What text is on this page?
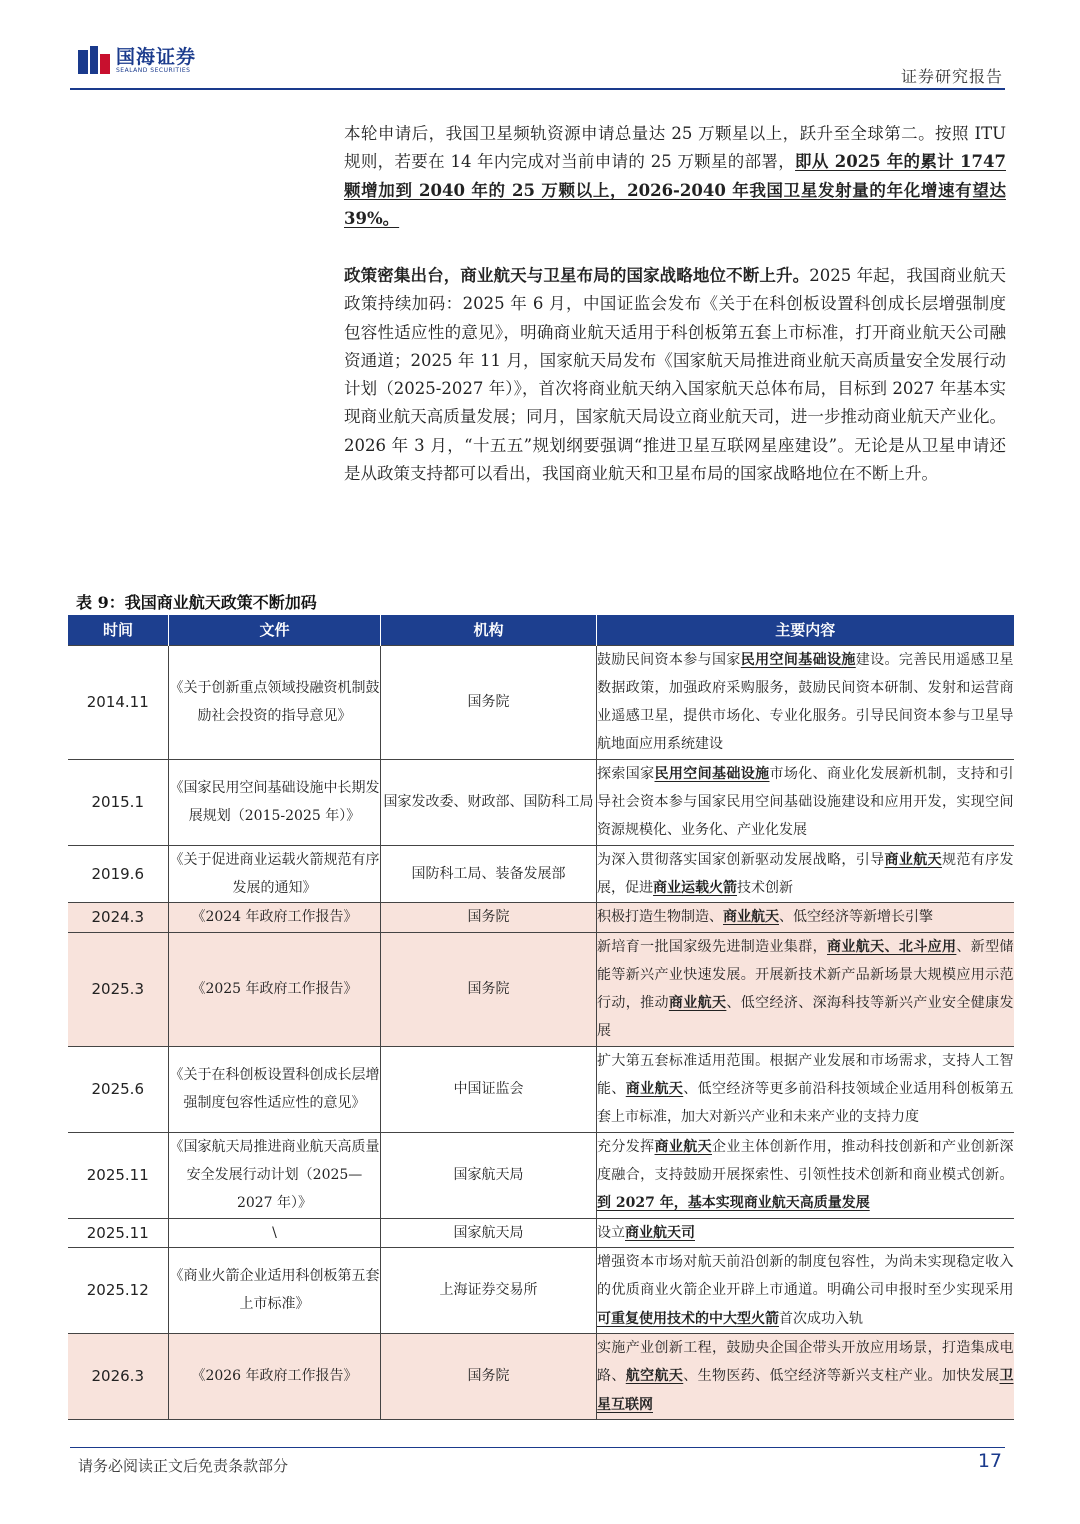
国海证券
SEALAND SECURITIES	证券研究报告
本轮申请后，我国卫星频轨资源申请总量达 25 万颗星以上，跃升至全球第二。按照 ITU 规则，若要在 14 年内完成对当前申请的 25 万颗星的部署，即从 2025 年的累计 1747 颗增加到 2040 年的 25 万颗以上，2026-2040 年我国卫星发射量的年化增速有望达 39%。
政策密集出台，商业航天与卫星布局的国家战略地位不断上升。2025 年起，我国商业航天政策持续加码：2025 年 6 月，中国证监会发布《关于在科创板设置科创成长层增强制度包容性适应性的意见》，明确商业航天适用于科创板第五套上市标准，打开商业航天公司融资通道；2025 年 11 月，国家航天局发布《国家航天局推进商业航天高质量安全发展行动计划（2025-2027 年）》，首次将商业航天纳入国家航天总体布局，目标到 2027 年基本实现商业航天高质量发展；同月，国家航天局设立商业航天司，进一步推动商业航天产业化。2026 年 3 月，“十五五”规划纲要强调“推进卫星互联网星座建设”。无论是从卫星申请还是从政策支持都可以看出，我国商业航天和卫星布局的国家战略地位在不断上升。
表 9：我国商业航天政策不断加码
时间	文件	机构	主要内容
2014.11	《关于创新重点领域投融资机制鼓励社会投资的指导意见》	国务院	鼓励民间资本参与国家民用空间基础设施建设。完善民用遥感卫星数据政策，加强政府采购服务，鼓励民间资本研制、发射和运营商业遥感卫星，提供市场化、专业化服务。引导民间资本参与卫星导航地面应用系统建设
2015.1	《国家民用空间基础设施中长期发展规划（2015-2025 年）》	国家发改委、财政部、国防科工局	探索国家民用空间基础设施市场化、商业化发展新机制，支持和引导社会资本参与国家民用空间基础设施建设和应用开发，实现空间资源规模化、业务化、产业化发展
2019.6	《关于促进商业运载火箭规范有序发展的通知》	国防科工局、装备发展部	为深入贯彻落实国家创新驱动发展战略，引导商业航天规范有序发展，促进商业运载火箭技术创新
2024.3	《2024 年政府工作报告》	国务院	积极打造生物制造、商业航天、低空经济等新增长引擎
2025.3	《2025 年政府工作报告》	国务院	新培育一批国家级先进制造业集群，商业航天、北斗应用、新型储能等新兴产业快速发展。开展新技术新产品新场景大规模应用示范行动，推动商业航天、低空经济、深海科技等新兴产业安全健康发展
2025.6	《关于在科创板设置科创成长层增强制度包容性适应性的意见》	中国证监会	扩大第五套标准适用范围。根据产业发展和市场需求，支持人工智能、商业航天、低空经济等更多前沿科技领域企业适用科创板第五套上市标准，加大对新兴产业和未来产业的支持力度
2025.11	《国家航天局推进商业航天高质量安全发展行动计划（2025—2027 年）》	国家航天局	充分发挥商业航天企业主体创新作用，推动科技创新和产业创新深度融合，支持鼓励开展探索性、引领性技术创新和商业模式创新。到 2027 年，基本实现商业航天高质量发展
2025.11	\	国家航天局	设立商业航天司
2025.12	《商业火箭企业适用科创板第五套上市标准》	上海证券交易所	增强资本市场对航天前沿创新的制度包容性，为尚未实现稳定收入的优质商业火箭企业开辟上市通道。明确公司申报时至少实现采用可重复使用技术的中大型火箭首次成功入轨
2026.3	《2026 年政府工作报告》	国务院	实施产业创新工程，鼓励央企国企带头开放应用场景，打造集成电路、航空航天、生物医药、低空经济等新兴支柱产业。加快发展卫星互联网
请务必阅读正文后免责条款部分	17
